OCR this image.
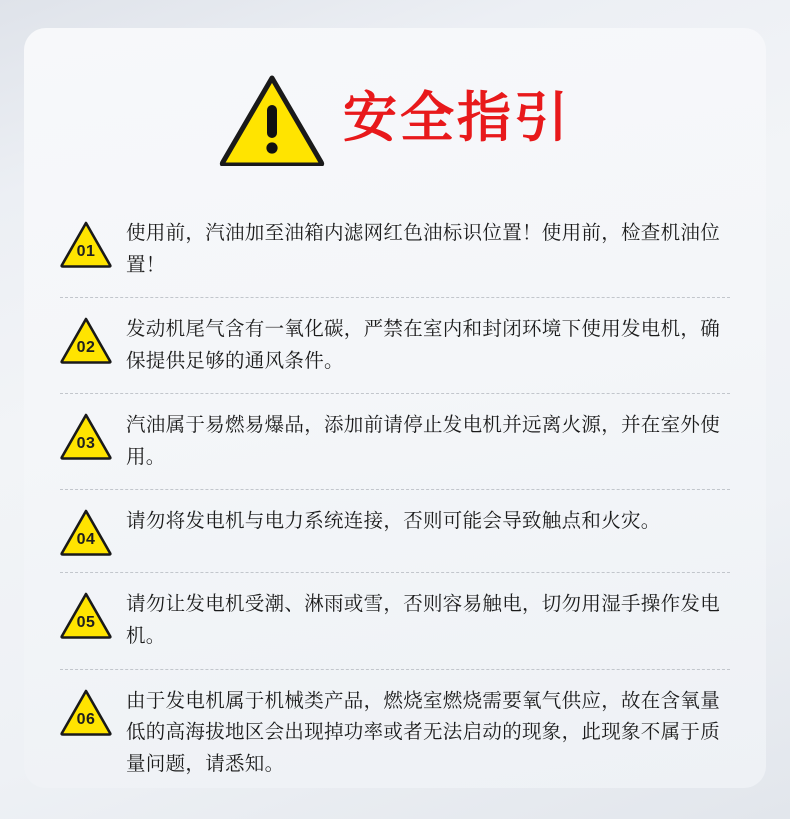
安全指引
01
使用前，汽油加至油箱内滤网红色油标识位置！使用前，检查机油位置！
02
发动机尾气含有一氧化碳，严禁在室内和封闭环境下使用发电机，确保提供足够的通风条件。
03
汽油属于易燃易爆品，添加前请停止发电机并远离火源，并在室外使用。
04
请勿将发电机与电力系统连接，否则可能会导致触点和火灾。
05
请勿让发电机受潮、淋雨或雪，否则容易触电，切勿用湿手操作发电机。
06
由于发电机属于机械类产品，燃烧室燃烧需要氧气供应，故在含氧量低的高海拔地区会出现掉功率或者无法启动的现象，此现象不属于质量问题，请悉知。
